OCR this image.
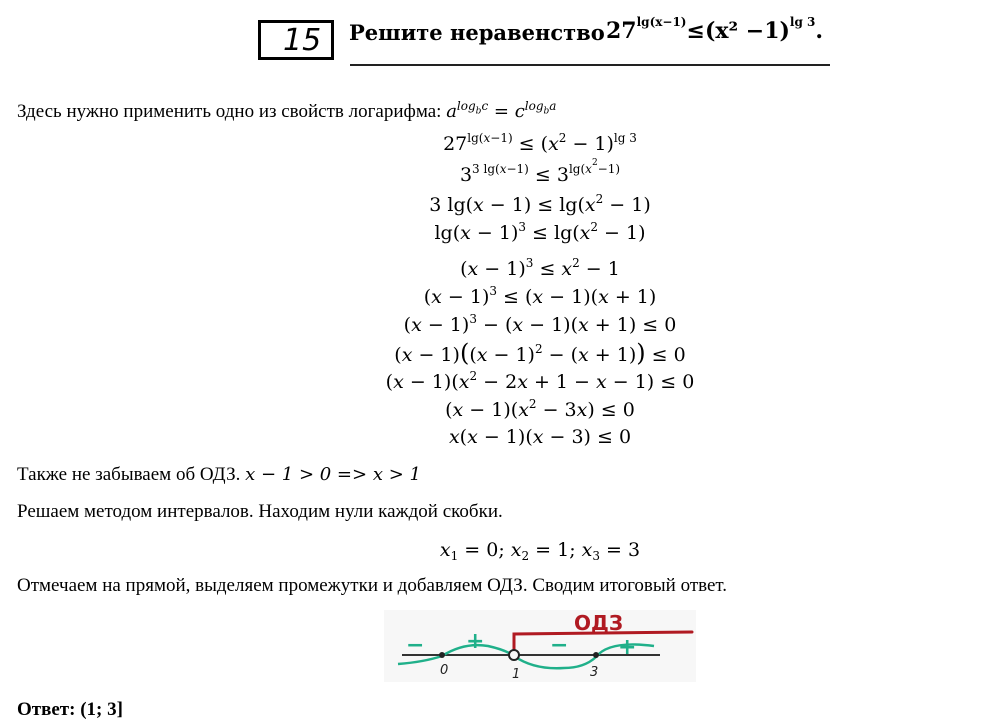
15 Решите неравенство $27^{lg(x-1)}\le(x^2 -1)^{lg 3}$.
Здесь нужно применить одно из свойств логарифма: $a^{log_bc} = c^{log_ba}$
$27^{lg(x-1)} \le (x^2 - 1)^{lg 3}$
$3^{3 lg(x-1)} \le 3^{lg(x^2-1)}$
3 $\lg(x - 1) \le \lg(x^2 - 1)$
$\lg(x - 1)^3 \le \lg(x^2 - 1)$
$(x - 1)^3 \le x^2 - 1$
$(x - 1)^3 \le (x - 1)(x + 1)$
$(x - 1)^3 - (x - 1)(x + 1) \le 0$
$(x - 1)((x - 1)^2 - (x + 1)) \le 0$
$(x - 1)(x^2 - 2x + 1 - x - 1) \le 0$
$(x - 1)(x^2 - 3x) \le 0$
x(x − 1)(x − 3) ≤ 0
Также не забываем об ОДЗ. x − 1 > 0 => x > 1
Решаем методом интервалов. Находим нули каждой скобки.
$x_1 = 0$; $x_2 = 1$; $x_3 = 3$
Отмечаем на прямой, выделяем промежутки и добавляем ОДЗ. Сводим итоговый ответ.
ОДЗ
− +	− +
0	1	3
Ответ: (1; 3]
